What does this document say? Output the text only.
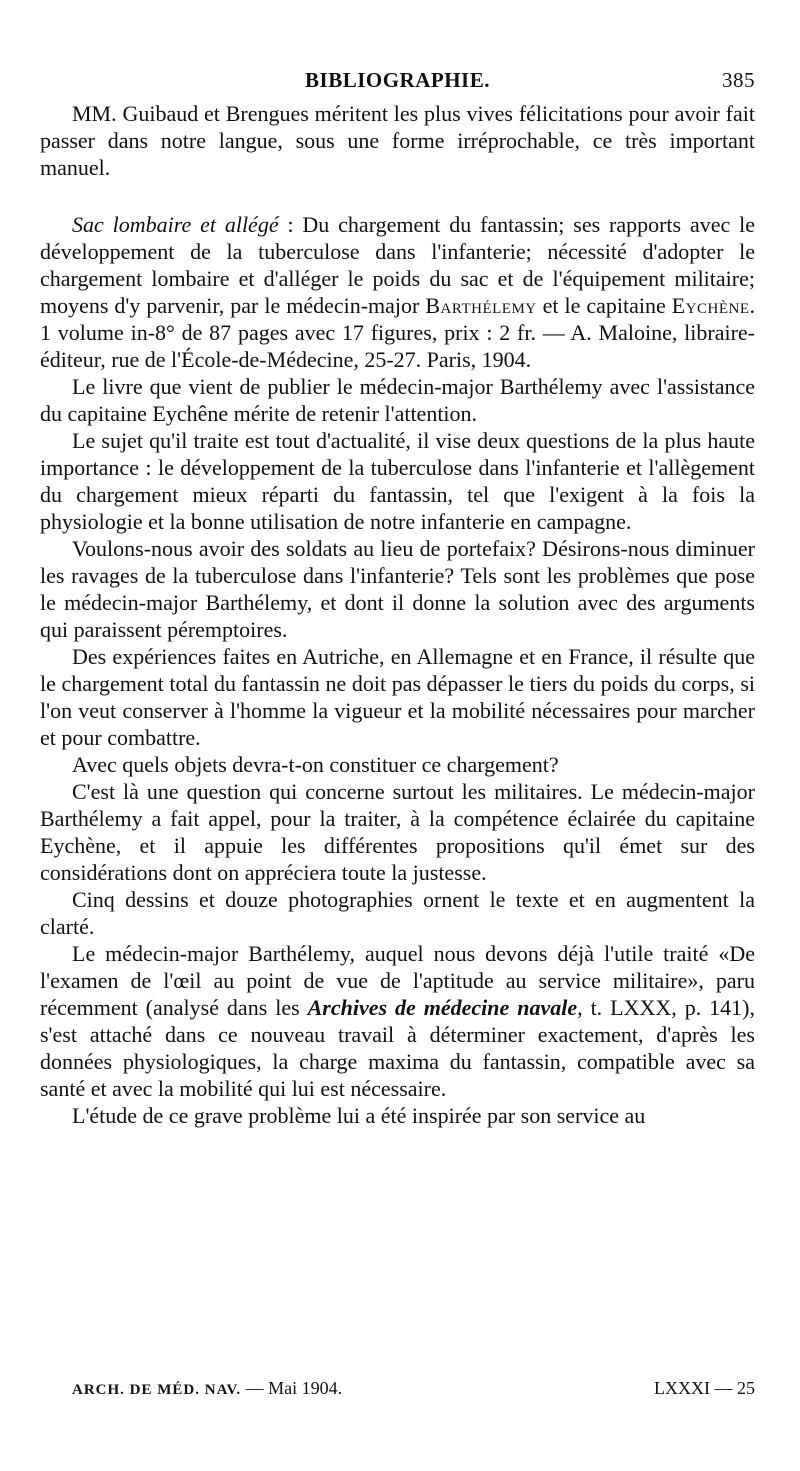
BIBLIOGRAPHIE.	385

MM. Guibaud et Brengues méritent les plus vives félicitations pour avoir fait passer dans notre langue, sous une forme irréprochable, ce très important manuel.

Sac lombaire et allégé : Du chargement du fantassin; ses rapports avec le développement de la tuberculose dans l'infanterie; nécessité d'adopter le chargement lombaire et d'alléger le poids du sac et de l'équipement militaire; moyens d'y parvenir, par le médecin-major Barthélemy et le capitaine Eychène. 1 volume in-8° de 87 pages avec 17 figures, prix : 2 fr. — A. Maloine, libraire-éditeur, rue de l'École-de-Médecine, 25-27. Paris, 1904.

Le livre que vient de publier le médecin-major Barthélemy avec l'assistance du capitaine Eychêne mérite de retenir l'attention.

Le sujet qu'il traite est tout d'actualité, il vise deux questions de la plus haute importance : le développement de la tuberculose dans l'infanterie et l'allègement du chargement mieux réparti du fantassin, tel que l'exigent à la fois la physiologie et la bonne utilisation de notre infanterie en campagne.

Voulons-nous avoir des soldats au lieu de portefaix? Désirons-nous diminuer les ravages de la tuberculose dans l'infanterie? Tels sont les problèmes que pose le médecin-major Barthélemy, et dont il donne la solution avec des arguments qui paraissent péremptoires.

Des expériences faites en Autriche, en Allemagne et en France, il résulte que le chargement total du fantassin ne doit pas dépasser le tiers du poids du corps, si l'on veut conserver à l'homme la vigueur et la mobilité nécessaires pour marcher et pour combattre.

Avec quels objets devra-t-on constituer ce chargement?

C'est là une question qui concerne surtout les militaires. Le médecin-major Barthélemy a fait appel, pour la traiter, à la compétence éclairée du capitaine Eychène, et il appuie les différentes propositions qu'il émet sur des considérations dont on appréciera toute la justesse.

Cinq dessins et douze photographies ornent le texte et en augmentent la clarté.

Le médecin-major Barthélemy, auquel nous devons déjà l'utile traité «De l'examen de l'œil au point de vue de l'aptitude au service militaire», paru récemment (analysé dans les Archives de médecine navale, t. LXXX, p. 141), s'est attaché dans ce nouveau travail à déterminer exactement, d'après les données physiologiques, la charge maxima du fantassin, compatible avec sa santé et avec la mobilité qui lui est nécessaire.

L'étude de ce grave problème lui a été inspirée par son service au

ARCH. DE MÉD. NAV. — Mai 1904.	LXXXI — 25
